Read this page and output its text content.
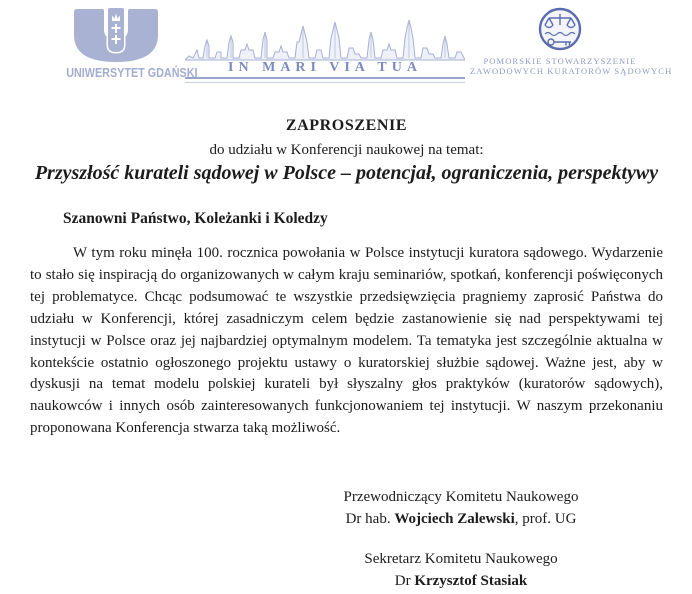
UNIWERSYTET GDAŃSKI	IN MARI VIA TUA	POMORSKIE STOWARZYSZENIE
ZAWODOWYCH KURATORÓW SĄDOWYCH
ZAPROSZENIE
do udziału w Konferencji naukowej na temat:
Przyszłość kurateli sądowej w Polsce – potencjał, ograniczenia, perspektywy
Szanowni Państwo, Koleżanki i Koledzy

W tym roku minęła 100. rocznica powołania w Polsce instytucji kuratora sądowego. Wydarzenie to stało się inspiracją do organizowanych w całym kraju seminariów, spotkań, konferencji poświęconych tej problematyce. Chcąc podsumować te wszystkie przedsięwzięcia pragniemy zaprosić Państwa do udziału w Konferencji, której zasadniczym celem będzie zastanowienie się nad perspektywami tej instytucji w Polsce oraz jej najbardziej optymalnym modelem. Ta tematyka jest szczególnie aktualna w kontekście ostatnio ogłoszonego projektu ustawy o kuratorskiej służbie sądowej. Ważne jest, aby w dyskusji na temat modelu polskiej kurateli był słyszalny głos praktyków (kuratorów sądowych), naukowców i innych osób zainteresowanych funkcjonowaniem tej instytucji. W naszym przekonaniu proponowana Konferencja stwarza taką możliwość.

Przewodniczący Komitetu Naukowego
Dr hab. Wojciech Zalewski, prof. UG
Sekretarz Komitetu Naukowego
Dr Krzysztof Stasiak
